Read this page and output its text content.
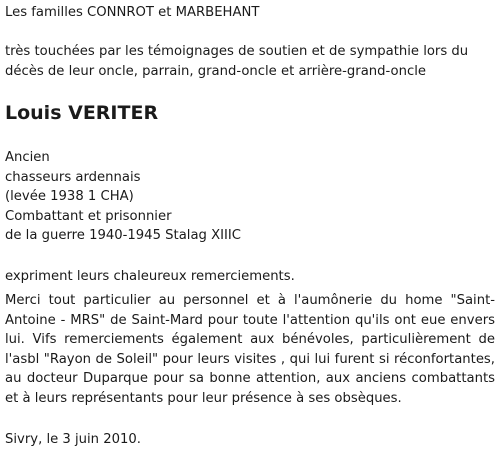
Les familles CONNROT et MARBEHANT
très touchées par les témoignages de soutien et de sympathie lors du
décès de leur oncle, parrain, grand-oncle et arrière-grand-oncle
Louis VERITER
Ancien
chasseurs ardennais
(levée 1938 1 CHA)
Combattant et prisonnier
de la guerre 1940-1945 Stalag XIIIC
expriment leurs chaleureux remerciements.
Merci tout particulier au personnel et à l'aumônerie du home "Saint-
Antoine - MRS" de Saint-Mard pour toute l'attention qu'ils ont eue envers
lui. Vifs remerciements également aux bénévoles, particulièrement de
l'asbl "Rayon de Soleil" pour leurs visites , qui lui furent si réconfortantes,
au docteur Duparque pour sa bonne attention, aux anciens combattants
et à leurs représentants pour leur présence à ses obsèques.
Sivry, le 3 juin 2010.
